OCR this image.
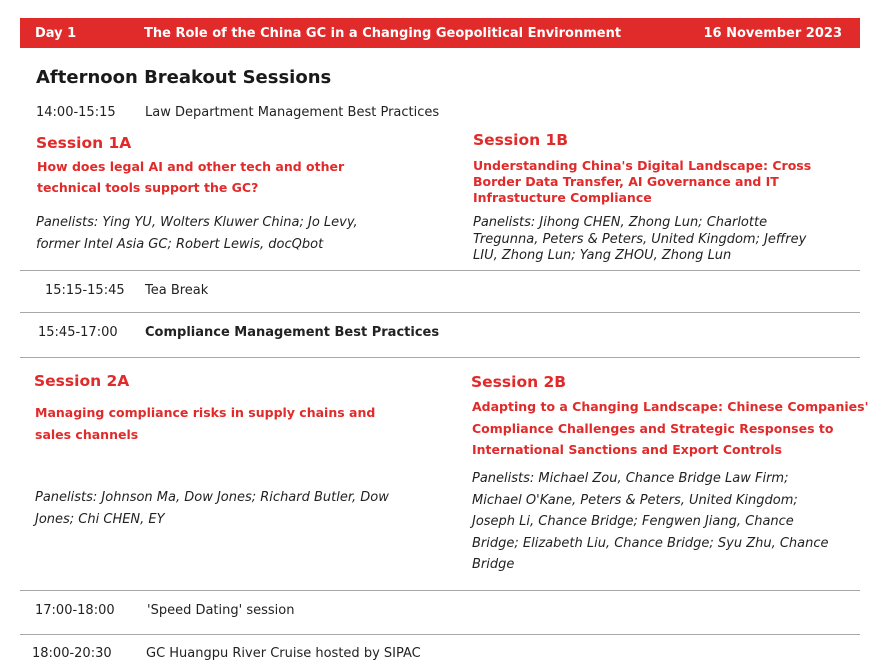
Day 1	The Role of the China GC in a Changing Geopolitical Environment	16 November 2023
Afternoon Breakout Sessions
14:00-15:15 Law Department Management Best Practices
Session 1A
How does legal AI and other tech and other
technical tools support the GC?
Panelists: Ying YU, Wolters Kluwer China; Jo Levy,
former Intel Asia GC; Robert Lewis, docQbot
Session 1B
Understanding China's Digital Landscape: Cross
Border Data Transfer, AI Governance and IT
Infrastucture Compliance
Panelists: Jihong CHEN, Zhong Lun; Charlotte
Tregunna, Peters & Peters, United Kingdom; Jeffrey
LIU, Zhong Lun; Yang ZHOU, Zhong Lun
15:15-15:45 Tea Break
15:45-17:00 Compliance Management Best Practices
Session 2A
Managing compliance risks in supply chains and
sales channels
Panelists: Johnson Ma, Dow Jones; Richard Butler, Dow
Jones; Chi CHEN, EY
Session 2B
Adapting to a Changing Landscape: Chinese Companies'
Compliance Challenges and Strategic Responses to
International Sanctions and Export Controls
Panelists: Michael Zou, Chance Bridge Law Firm;
Michael O'Kane, Peters & Peters, United Kingdom;
Joseph Li, Chance Bridge; Fengwen Jiang, Chance
Bridge; Elizabeth Liu, Chance Bridge; Syu Zhu, Chance
Bridge
17:00-18:00 'Speed Dating' session
18:00-20:30	GC Huangpu River Cruise hosted by SIPAC
